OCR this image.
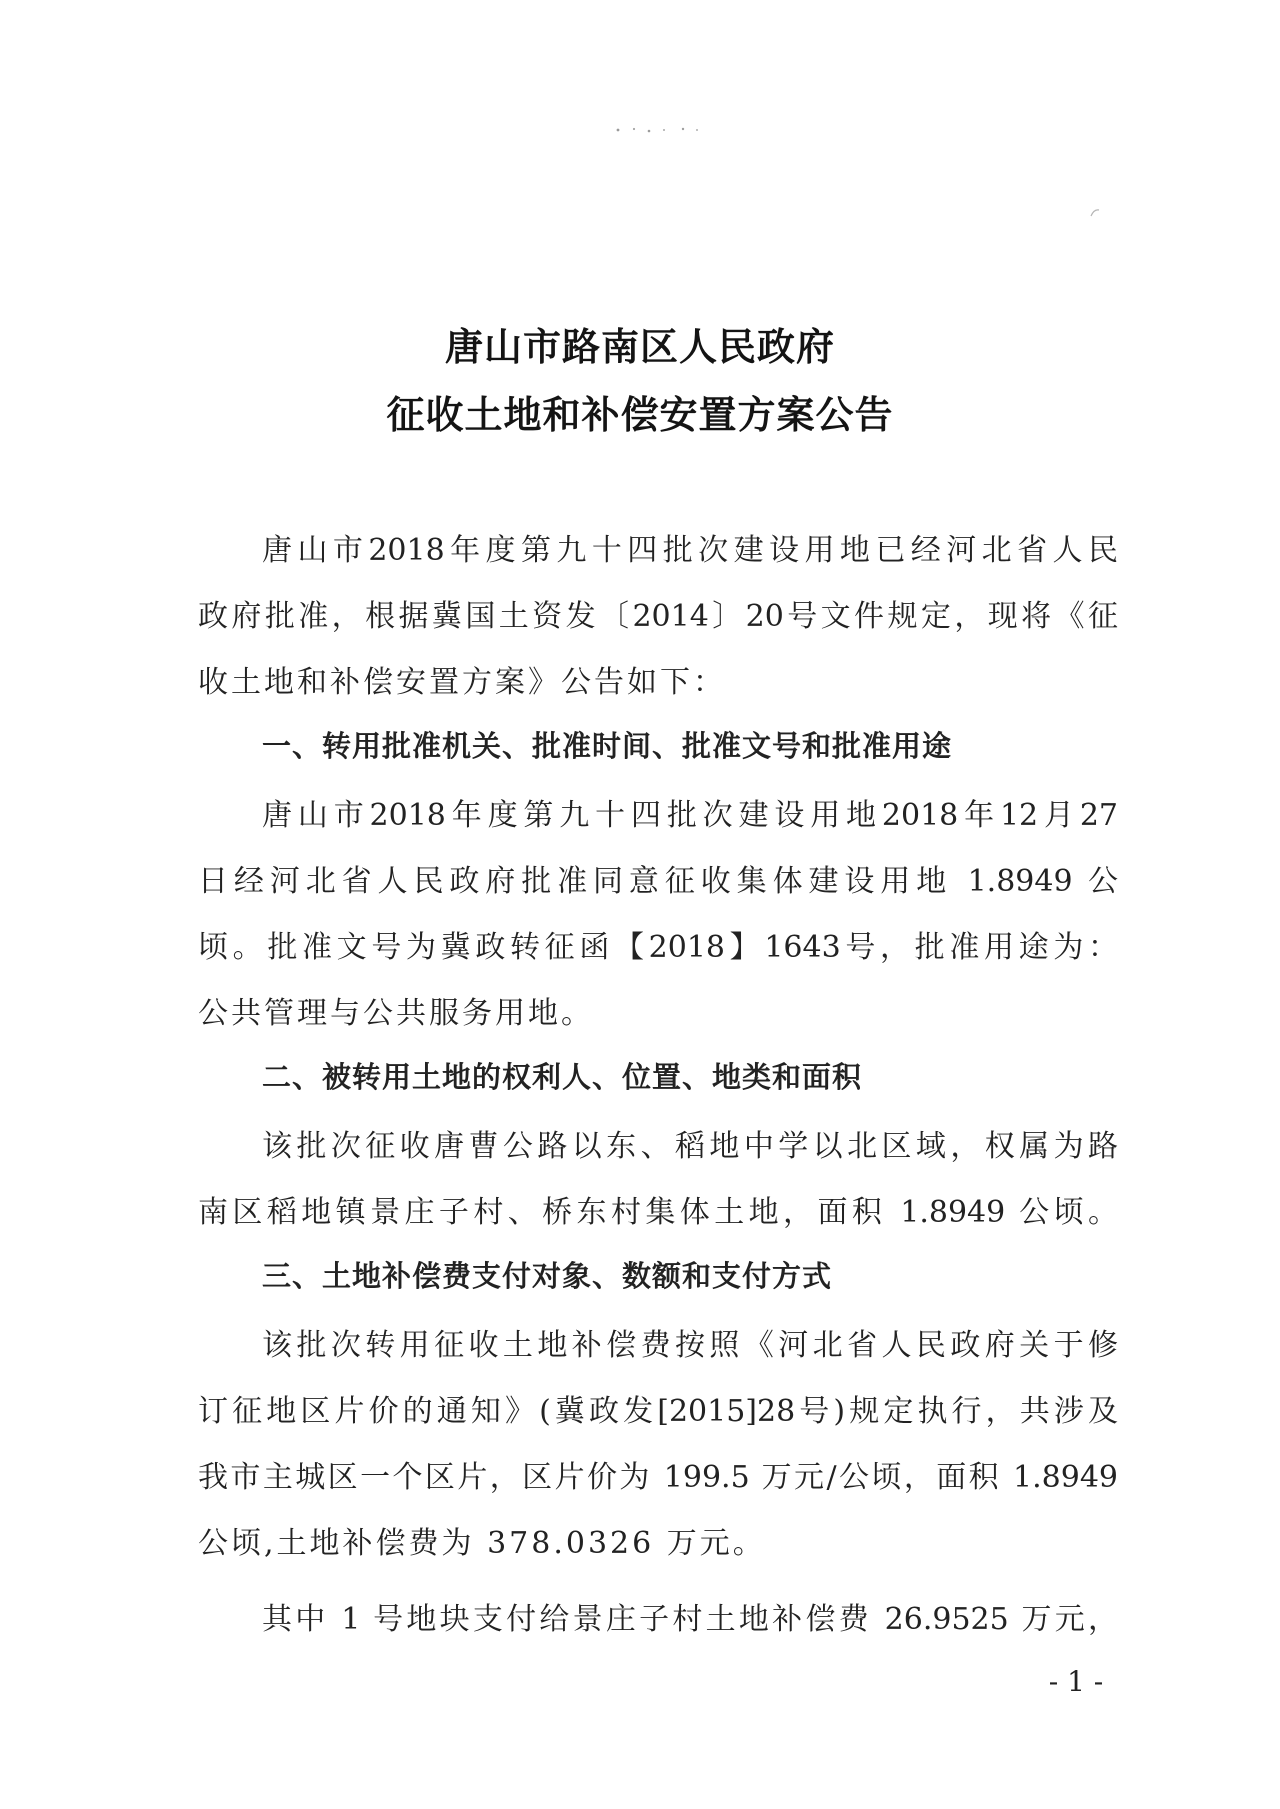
唐山市路南区人民政府
征收土地和补偿安置方案公告
唐山市2018年度第九十四批次建设用地已经河北省人民
政府批准，根据冀国土资发〔2014〕20号文件规定，现将《征
收土地和补偿安置方案》公告如下：
一、转用批准机关、批准时间、批准文号和批准用途
唐山市2018年度第九十四批次建设用地2018年12月27
日经河北省人民政府批准同意征收集体建设用地 1.8949 公
顷。批准文号为冀政转征函【2018】1643号，批准用途为：
公共管理与公共服务用地。
二、被转用土地的权利人、位置、地类和面积
该批次征收唐曹公路以东、稻地中学以北区域，权属为路
南区稻地镇景庄子村、桥东村集体土地，面积 1.8949 公顷。
三、土地补偿费支付对象、数额和支付方式
该批次转用征收土地补偿费按照《河北省人民政府关于修
订征地区片价的通知》(冀政发[2015]28号)规定执行，共涉及
我市主城区一个区片，区片价为 199.5 万元/公顷，面积 1.8949
公顷,土地补偿费为 378.0326 万元。
其中 1 号地块支付给景庄子村土地补偿费 26.9525 万元，
- 1 -
